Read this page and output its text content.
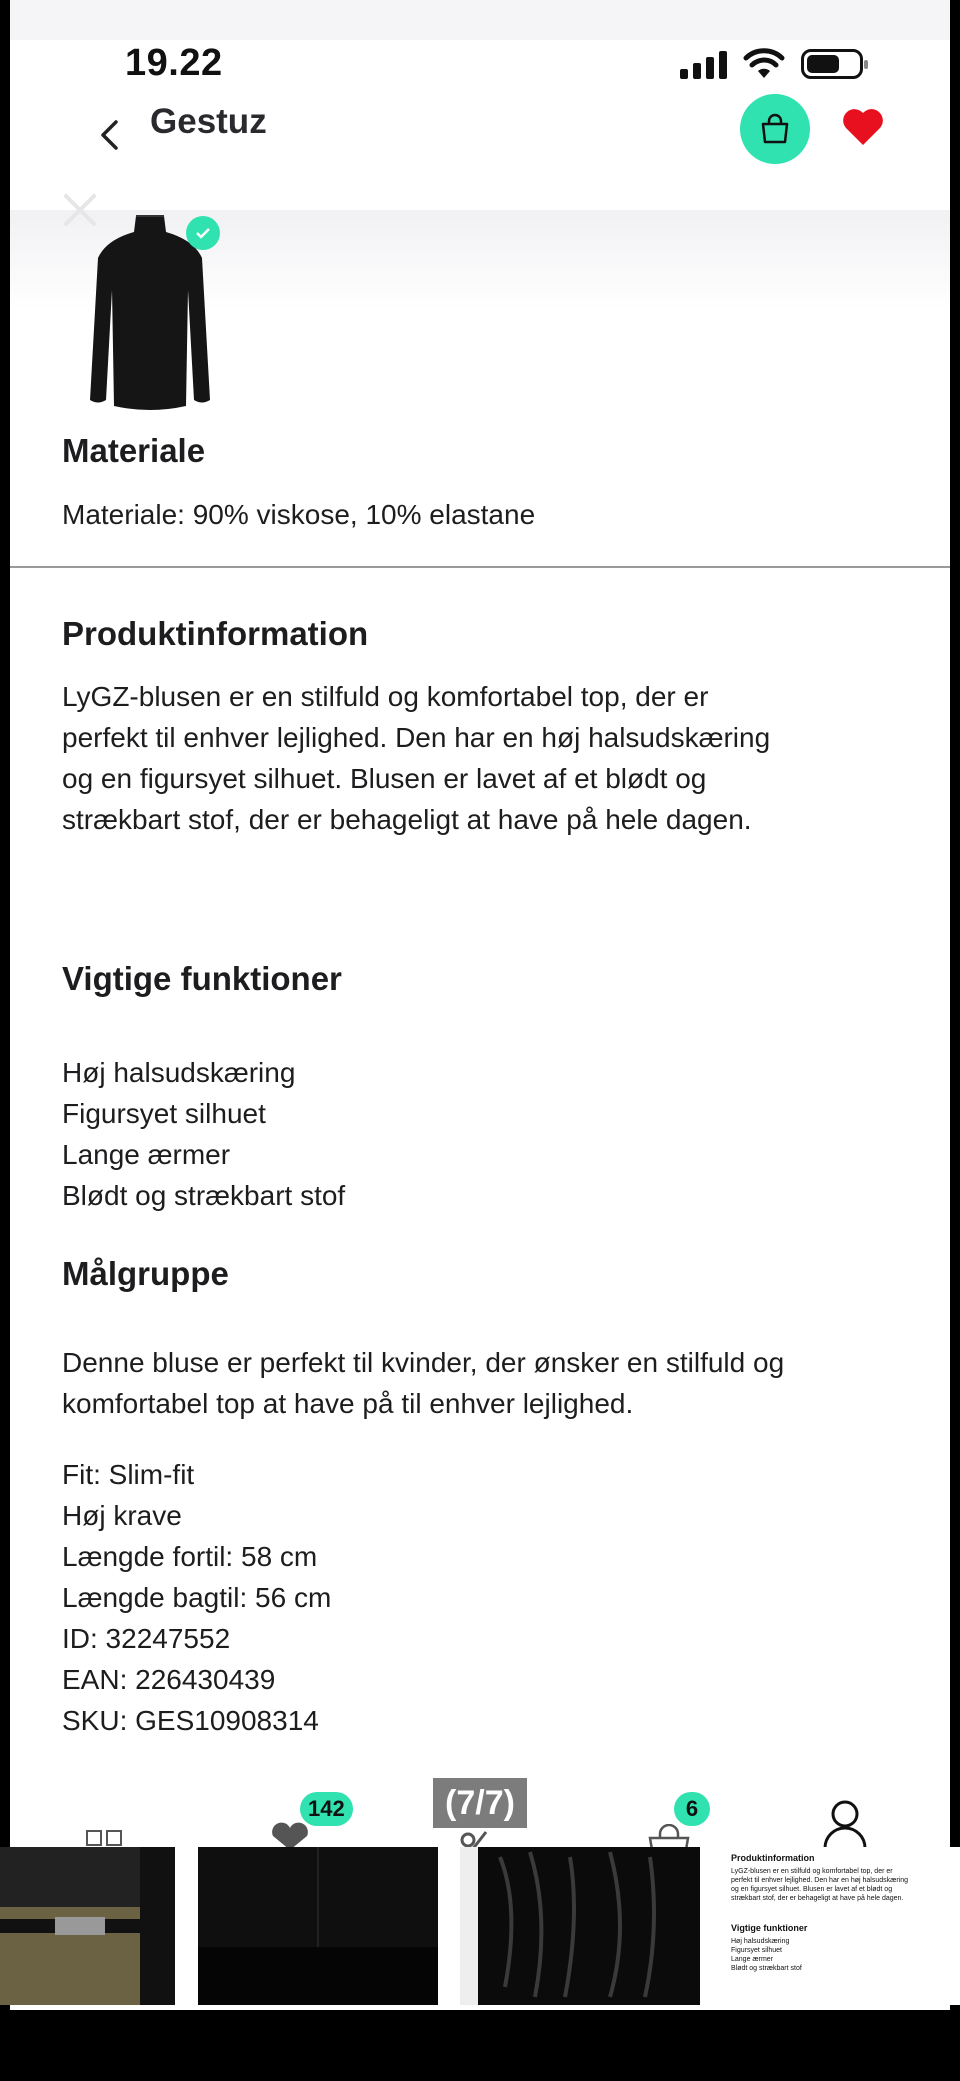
19.22
Gestuz
Materiale
Materiale: 90% viskose, 10% elastane
Produktinformation
LyGZ-blusen er en stilfuld og komfortabel top, der er
perfekt til enhver lejlighed. Den har en høj halsudskæring
og en figursyet silhuet. Blusen er lavet af et blødt og
strækbart stof, der er behageligt at have på hele dagen.
Vigtige funktioner
Høj halsudskæring
Figursyet silhuet
Lange ærmer
Blødt og strækbart stof
Målgruppe
Denne bluse er perfekt til kvinder, der ønsker en stilfuld og
komfortabel top at have på til enhver lejlighed.
Fit: Slim-fit
Høj krave
Længde fortil: 58 cm
Længde bagtil: 56 cm
ID: 32247552
EAN: 226430439
SKU: GES10908314
142	6
(7/7)
Produktinformation

LyGZ-blusen er en stilfuld og komfortabel top, der er

perfekt til enhver lejlighed. Den har en høj halsudskæring

og en figursyet silhuet. Blusen er lavet af et blødt og

strækbart stof, der er behageligt at have på hele dagen.

Vigtige funktioner

Høj halsudskæring

Figursyet silhuet

Lange ærmer

Blødt og strækbart stof
